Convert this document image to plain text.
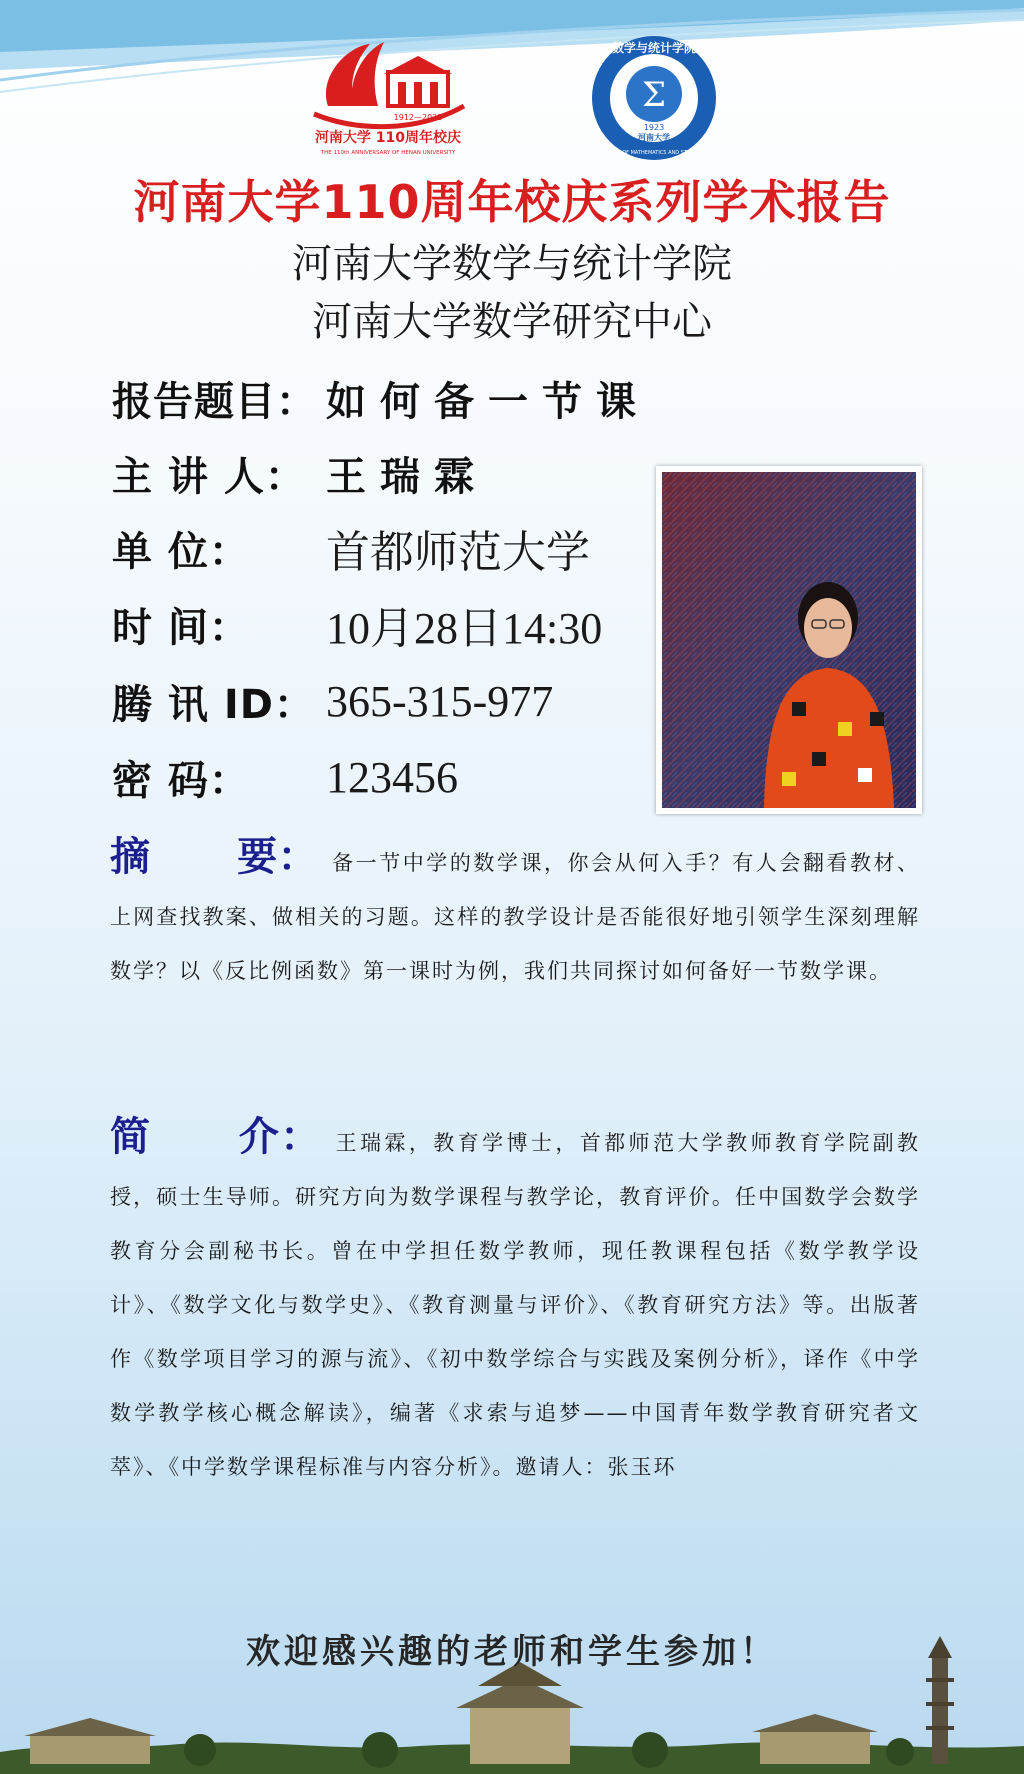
1912—2022
河南大学 110周年校庆
THE 110th ANNIVERSARY OF HENAN UNIVERSITY
Σ
1923
数学与统计学院
河南大学
SCHOOL OF MATHEMATICS AND STATISTICS
河南大学110周年校庆系列学术报告
河南大学数学与统计学院
河南大学数学研究中心
报告题目： 如何备一节课
主 讲 人： 王瑞霖
单 位：	首都师范大学
时 间：	10月28日14:30
腾 讯 ID： 365-315-977
密 码：	123456
摘 要： 备一节中学的数学课，你会从何入手？有人会翻看教材、上网查找教案、做相关的习题。这样的教学设计是否能很好地引领学生深刻理解数学？以《反比例函数》第一课时为例，我们共同探讨如何备好一节数学课。
简 介： 王瑞霖，教育学博士，首都师范大学教师教育学院副教授，硕士生导师。研究方向为数学课程与教学论，教育评价。任中国数学会数学教育分会副秘书长。曾在中学担任数学教师，现任教课程包括《数学教学设计》、《数学文化与数学史》、《教育测量与评价》、《教育研究方法》等。出版著作《数学项目学习的源与流》、《初中数学综合与实践及案例分析》，译作《中学数学教学核心概念解读》，编著《求索与追梦——中国青年数学教育研究者文萃》、《中学数学课程标准与内容分析》。邀请人：张玉环
欢迎感兴趣的老师和学生参加！
